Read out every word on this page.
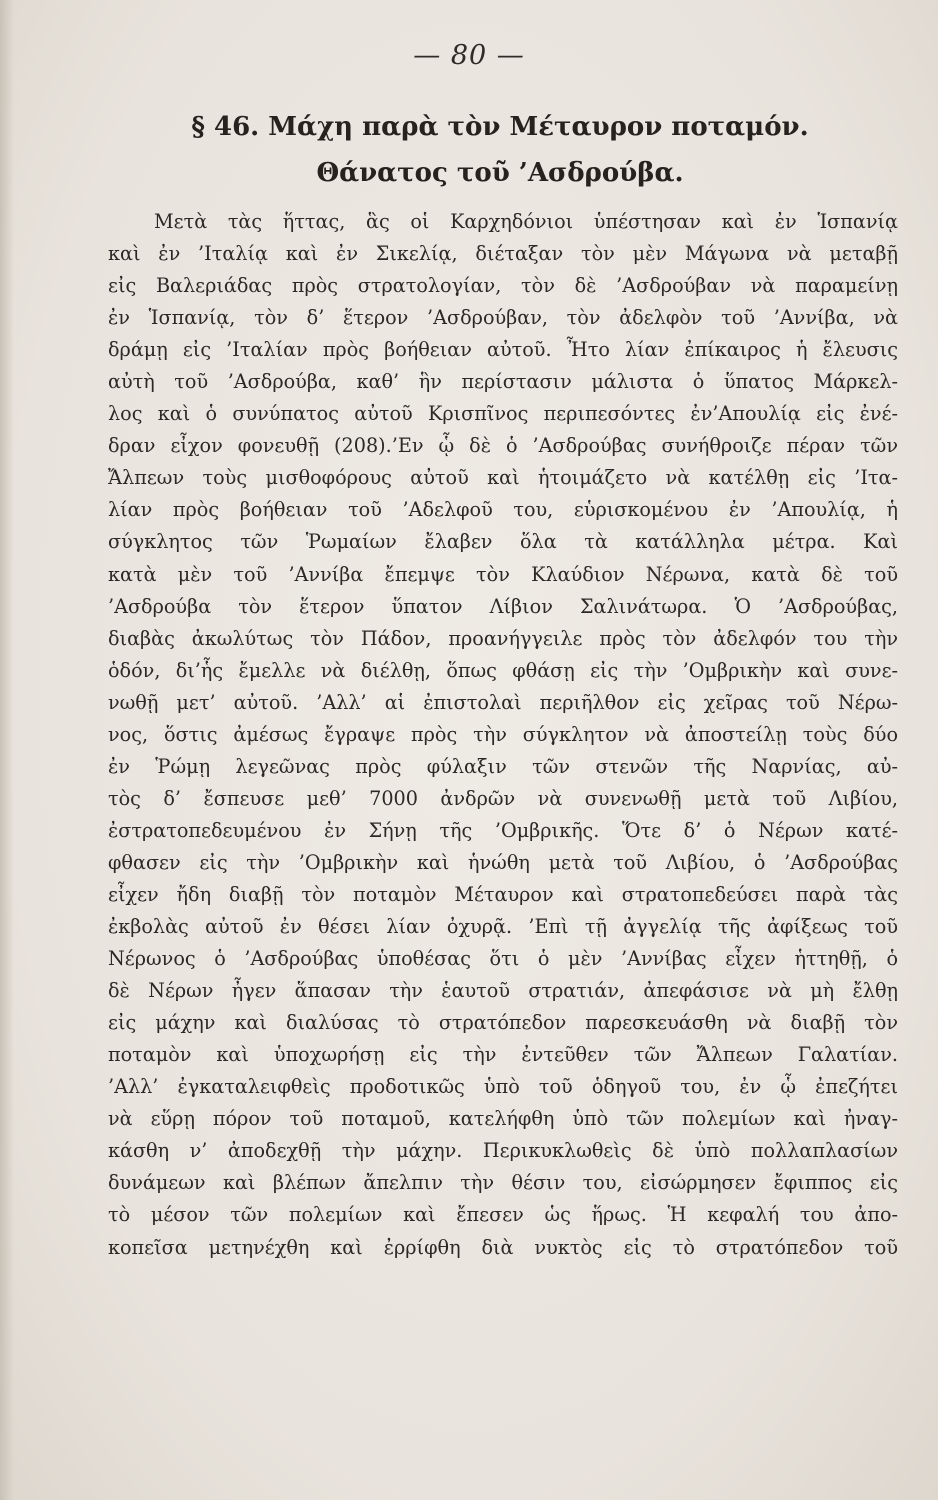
— 80 —
§ 46. Μάχη παρὰ τὸν Μέταυρον ποταμόν.
Θάνατος τοῦ ’Ασδρούβα.
Μετὰ τὰς ἥττας, ἃς οἱ Καρχηδόνιοι ὑπέστησαν καὶ ἐν Ἱσπανίᾳ
καὶ ἐν ’Ιταλίᾳ καὶ ἐν Σικελίᾳ, διέταξαν τὸν μὲν Μάγωνα νὰ μεταβῇ
εἰς Βαλεριάδας πρὸς στρατολογίαν, τὸν δὲ ’Ασδρούβαν νὰ παραμείνῃ
ἐν Ἱσπανίᾳ, τὸν δ’ ἕτερον ’Ασδρούβαν, τὸν ἀδελφὸν τοῦ ’Αννίβα, νὰ
δράμῃ εἰς ’Ιταλίαν πρὸς βοήθειαν αὐτοῦ. Ἦτο λίαν ἐπίκαιρος ἡ ἔλευσις
αὐτὴ τοῦ ’Ασδρούβα, καθ’ ἣν περίστασιν μάλιστα ὁ ὕπατος Μάρκελ-
λος καὶ ὁ συνύπατος αὐτοῦ Κρισπῖνος περιπεσόντες ἐν’Απουλίᾳ εἰς ἐνέ-
δραν εἶχον φονευθῇ (208).’Εν ᾧ δὲ ὁ ’Ασδρούβας συνήθροιζε πέραν τῶν
Ἄλπεων τοὺς μισθοφόρους αὐτοῦ καὶ ἡτοιμάζετο νὰ κατέλθῃ εἰς ’Ιτα-
λίαν πρὸς βοήθειαν τοῦ ’Αδελφοῦ του, εὑρισκομένου ἐν ’Απουλίᾳ, ἡ
σύγκλητος τῶν Ῥωμαίων ἔλαβεν ὅλα τὰ κατάλληλα μέτρα. Καὶ
κατὰ μὲν τοῦ ’Αννίβα ἔπεμψε τὸν Κλαύδιον Νέρωνα, κατὰ δὲ τοῦ
’Ασδρούβα τὸν ἕτερον ὕπατον Λίβιον Σαλινάτωρα. Ὁ ’Ασδρούβας,
διαβὰς ἀκωλύτως τὸν Πάδον, προανήγγειλε πρὸς τὸν ἀδελφόν του τὴν
ὁδόν, δι’ἧς ἔμελλε νὰ διέλθῃ, ὅπως φθάσῃ εἰς τὴν ’Ομβρικὴν καὶ συνε-
νωθῇ μετ’ αὐτοῦ. ’Αλλ’ αἱ ἐπιστολαὶ περιῆλθον εἰς χεῖρας τοῦ Νέρω-
νος, ὅστις ἀμέσως ἔγραψε πρὸς τὴν σύγκλητον νὰ ἀποστείλῃ τοὺς δύο
ἐν Ῥώμῃ λεγεῶνας πρὸς φύλαξιν τῶν στενῶν τῆς Ναρνίας, αὐ-
τὸς δ’ ἔσπευσε μεθ’ 7000 ἀνδρῶν νὰ συνενωθῇ μετὰ τοῦ Λιβίου,
ἐστρατοπεδευμένου ἐν Σήνῃ τῆς ’Ομβρικῆς. Ὅτε δ’ ὁ Νέρων κατέ-
φθασεν εἰς τὴν ’Ομβρικὴν καὶ ἡνώθη μετὰ τοῦ Λιβίου, ὁ ’Ασδρούβας
εἶχεν ἤδη διαβῇ τὸν ποταμὸν Μέταυρον καὶ στρατοπεδεύσει παρὰ τὰς
ἐκβολὰς αὐτοῦ ἐν θέσει λίαν ὀχυρᾷ. ’Επὶ τῇ ἀγγελίᾳ τῆς ἀφίξεως τοῦ
Νέρωνος ὁ ’Ασδρούβας ὑποθέσας ὅτι ὁ μὲν ’Αννίβας εἶχεν ἡττηθῇ, ὁ
δὲ Νέρων ἦγεν ἅπασαν τὴν ἑαυτοῦ στρατιάν, ἀπεφάσισε νὰ μὴ ἔλθῃ
εἰς μάχην καὶ διαλύσας τὸ στρατόπεδον παρεσκευάσθη νὰ διαβῇ τὸν
ποταμὸν καὶ ὑποχωρήσῃ εἰς τὴν ἐντεῦθεν τῶν Ἄλπεων Γαλατίαν.
’Αλλ’ ἐγκαταλειφθεὶς προδοτικῶς ὑπὸ τοῦ ὁδηγοῦ του, ἐν ᾧ ἐπεζήτει
νὰ εὕρῃ πόρον τοῦ ποταμοῦ, κατελήφθη ὑπὸ τῶν πολεμίων καὶ ἠναγ-
κάσθη ν’ ἀποδεχθῇ τὴν μάχην. Περικυκλωθεὶς δὲ ὑπὸ πολλαπλασίων
δυνάμεων καὶ βλέπων ἄπελπιν τὴν θέσιν του, εἰσώρμησεν ἔφιππος εἰς
τὸ μέσον τῶν πολεμίων καὶ ἔπεσεν ὡς ἥρως. Ἡ κεφαλή του ἀπο-
κοπεῖσα μετηνέχθη καὶ ἐρρίφθη διὰ νυκτὸς εἰς τὸ στρατόπεδον τοῦ
